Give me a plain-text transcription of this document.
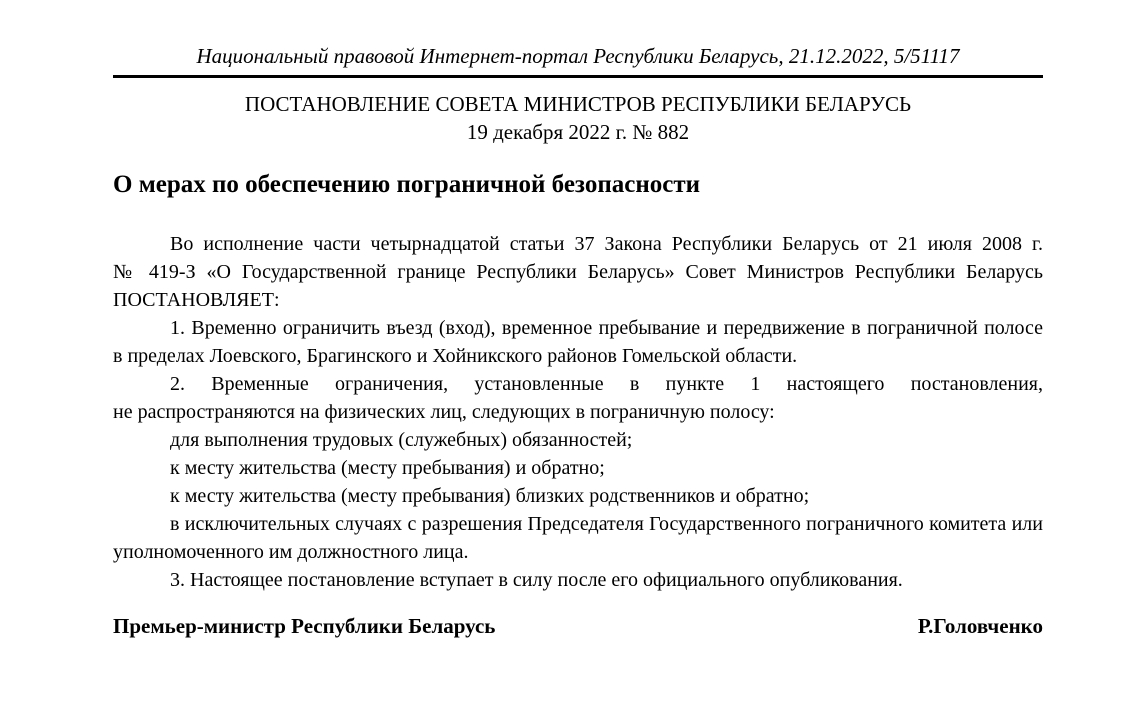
Национальный правовой Интернет-портал Республики Беларусь, 21.12.2022, 5/51117
ПОСТАНОВЛЕНИЕ СОВЕТА МИНИСТРОВ РЕСПУБЛИКИ БЕЛАРУСЬ
19 декабря 2022 г. № 882
О мерах по обеспечению пограничной безопасности

Во исполнение части четырнадцатой статьи 37 Закона Республики Беларусь от 21 июля 2008 г. № 419-З «О Государственной границе Республики Беларусь» Совет Министров Республики Беларусь ПОСТАНОВЛЯЕТ:

1. Временно ограничить въезд (вход), временное пребывание и передвижение в пограничной полосе в пределах Лоевского, Брагинского и Хойникского районов Гомельской области.

2. Временные ограничения, установленные в пункте 1 настоящего постановления, не распространяются на физических лиц, следующих в пограничную полосу:

для выполнения трудовых (служебных) обязанностей;

к месту жительства (месту пребывания) и обратно;

к месту жительства (месту пребывания) близких родственников и обратно;

в исключительных случаях с разрешения Председателя Государственного пограничного комитета или уполномоченного им должностного лица.

3. Настоящее постановление вступает в силу после его официального опубликования.

Премьер-министр Республики Беларусь	Р.Головченко
